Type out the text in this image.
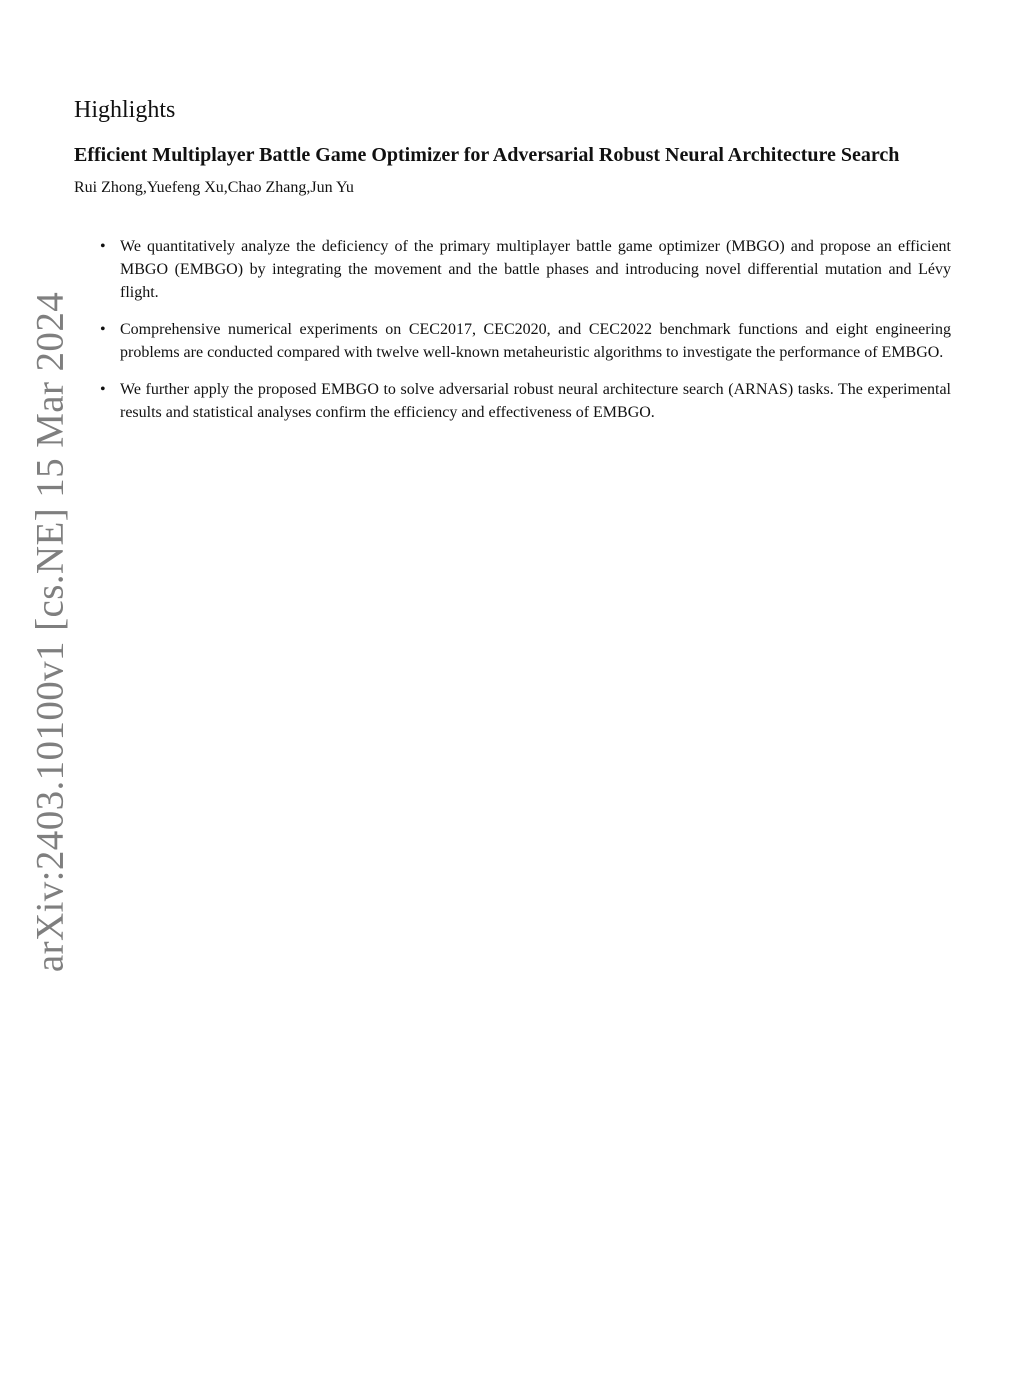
arXiv:2403.10100v1 [cs.NE] 15 Mar 2024
Highlights
Efficient Multiplayer Battle Game Optimizer for Adversarial Robust Neural Architecture Search
Rui Zhong,Yuefeng Xu,Chao Zhang,Jun Yu
• We quantitatively analyze the deficiency of the primary multiplayer battle game optimizer (MBGO) and propose an efficient MBGO (EMBGO) by integrating the movement and the battle phases and introducing novel differential mutation and Lévy flight.
• Comprehensive numerical experiments on CEC2017, CEC2020, and CEC2022 benchmark functions and eight engineering problems are conducted compared with twelve well-known metaheuristic algorithms to investigate the performance of EMBGO.
• We further apply the proposed EMBGO to solve adversarial robust neural architecture search (ARNAS) tasks. The experimental results and statistical analyses confirm the efficiency and effectiveness of EMBGO.
